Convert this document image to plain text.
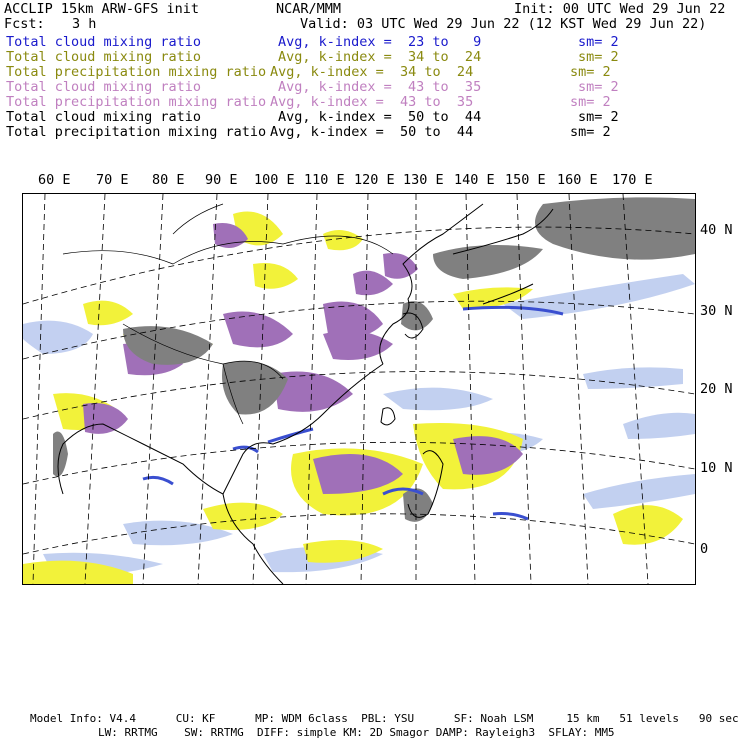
ACCLIP 15km ARW-GFS init	NCAR/MMM	Init: 00 UTC Wed 29 Jun 22
Fcst: 3 h	Valid: 03 UTC Wed 29 Jun 22 (12 KST Wed 29 Jun 22)
Total cloud mixing ratio	Avg, k-index =  23 to   9	sm= 2
Total cloud mixing ratio	Avg, k-index =  34 to  24	sm= 2
Total precipitation mixing ratio Avg, k-index =  34 to  24	sm= 2
Total cloud mixing ratio	Avg, k-index =  43 to  35	sm= 2
Total precipitation mixing ratio Avg, k-index =  43 to  35	sm= 2
Total cloud mixing ratio	Avg, k-index =  50 to  44	sm= 2
Total precipitation mixing ratio Avg, k-index =  50 to  44	sm= 2
60 E 70 E 80 E 90 E 100 E 110 E 120 E 130 E 140 E 150 E 160 E 170 E
40 N
30 N
20 N
10 N
0
Model Info: V4.4      CU: KF      MP: WDM 6class  PBL: YSU      SF: Noah LSM     15 km   51 levels   90 sec
LW: RRTMG    SW: RRTMG  DIFF: simple KM: 2D Smagor DAMP: Rayleigh3  SFLAY: MM5
